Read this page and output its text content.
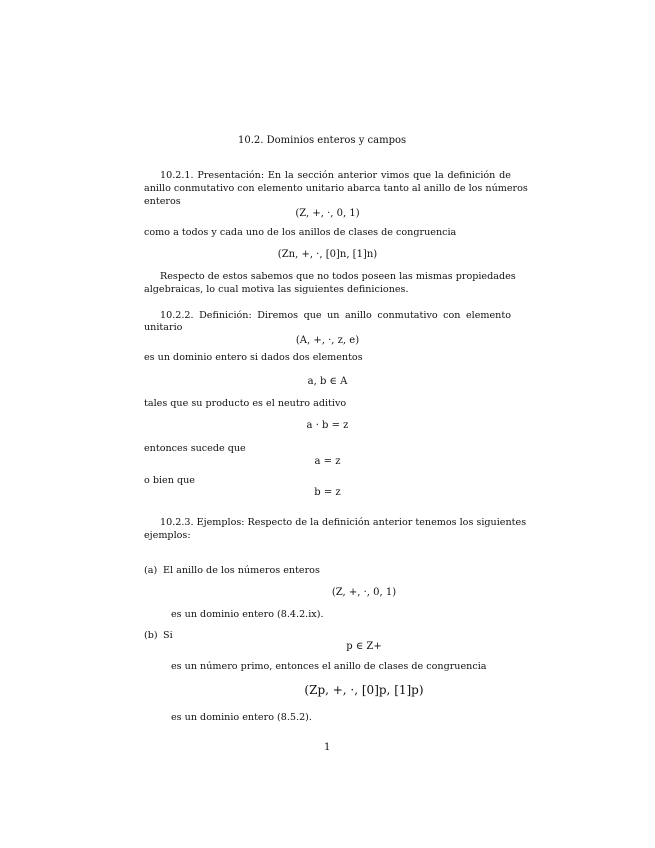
10.2. Dominios enteros y campos
10.2.1. Presentación: En la sección anterior vimos que la definición de
anillo conmutativo con elemento unitario abarca tanto al anillo de los números
enteros
(Z, +, ·, 0, 1)
como a todos y cada uno de los anillos de clases de congruencia
(Zn, +, ·, [0]n, [1]n)
Respecto de estos sabemos que no todos poseen las mismas propiedades
algebraicas, lo cual motiva las siguientes definiciones.
10.2.2. Definición: Diremos que un anillo conmutativo con elemento
unitario
(A, +, ·, z, e)
es un dominio entero si dados dos elementos
a, b ∈ A
tales que su producto es el neutro aditivo
a · b = z
entonces sucede que
a = z
o bien que
b = z
10.2.3. Ejemplos: Respecto de la definición anterior tenemos los siguientes
ejemplos:
(a) El anillo de los números enteros
(Z, +, ·, 0, 1)
es un dominio entero (8.4.2.ix).
(b) Si
p ∈ Z+
es un número primo, entonces el anillo de clases de congruencia
(Zp, +, ·, [0]p, [1]p)
es un dominio entero (8.5.2).
1
